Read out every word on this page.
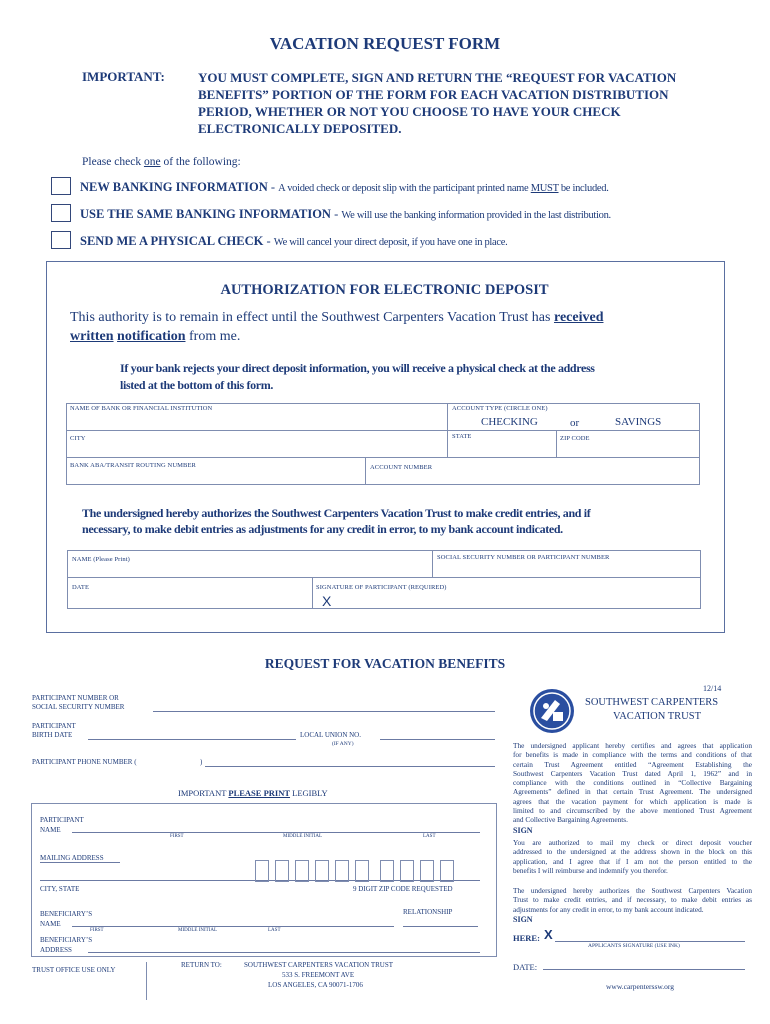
VACATION REQUEST FORM
IMPORTANT:	YOU MUST COMPLETE, SIGN AND RETURN THE “REQUEST FOR VACATION
BENEFITS” PORTION OF THE FORM FOR EACH VACATION DISTRIBUTION
PERIOD, WHETHER OR NOT YOU CHOOSE TO HAVE YOUR CHECK
ELECTRONICALLY DEPOSITED.
Please check one of the following:
NEW BANKING INFORMATION - A voided check or deposit slip with the participant printed name MUST be included.
USE THE SAME BANKING INFORMATION - We will use the banking information provided in the last distribution.
SEND ME A PHYSICAL CHECK - We will cancel your direct deposit, if you have one in place.
AUTHORIZATION FOR ELECTRONIC DEPOSIT
This authority is to remain in effect until the Southwest Carpenters Vacation Trust has received
written notification from me.
If your bank rejects your direct deposit information, you will receive a physical check at the address
listed at the bottom of this form.
NAME OF BANK OR FINANCIAL INSTITUTION	ACCOUNT TYPE (CIRCLE ONE)
CHECKING	or	SAVINGS
CITY	STATE	ZIP CODE
BANK ABA/TRANSIT ROUTING NUMBER	ACCOUNT NUMBER
The undersigned hereby authorizes the Southwest Carpenters Vacation Trust to make credit entries, and if
necessary, to make debit entries as adjustments for any credit in error, to my bank account indicated.
NAME (Please Print)	SOCIAL SECURITY NUMBER OR PARTICIPANT NUMBER
DATE	SIGNATURE OF PARTICIPANT (REQUIRED)
X
REQUEST FOR VACATION BENEFITS
12/14
PARTICIPANT NUMBER OR
SOCIAL SECURITY NUMBER
PARTICIPANT
BIRTH DATE	LOCAL UNION NO.
(IF ANY)
PARTICIPANT PHONE NUMBER (	)
IMPORTANT PLEASE PRINT LEGIBLY
PARTICIPANT
NAME
FIRST	MIDDLE INITIAL	LAST
MAILING ADDRESS
CITY, STATE	9 DIGIT ZIP CODE REQUESTED
BENEFICIARY’S
NAME
RELATIONSHIP
FIRST	MIDDLE INITIAL	LAST
BENEFICIARY’S
ADDRESS
TRUST OFFICE USE ONLY
RETURN TO:	SOUTHWEST CARPENTERS VACATION TRUST
533 S. FREEMONT AVE
LOS ANGELES, CA 90071-1706
SOUTHWEST CARPENTERS
VACATION TRUST
The undersigned applicant hereby certifies and agrees that application
for benefits is made in compliance with the terms and conditions of that
certain Trust Agreement entitled “Agreement Establishing the
Southwest Carpenters Vacation Trust dated April 1, 1962” and in
compliance with the conditions outlined in “Collective Bargaining
Agreements” defined in that certain Trust Agreement. The undersigned
agrees that the vacation payment for which application is made is
limited to and circumscribed by the above mentioned Trust Agreement
and Collective Bargaining Agreements.
SIGN
You are authorized to mail my check or direct deposit voucher
addressed to the undersigned at the address shown in the block on this
application, and I agree that if I am not the person entitled to the
benefits I will reimburse and indemnify you therefor.
The undersigned hereby authorizes the Southwest Carpenters Vacation
Trust to make credit entries, and if necessary, to make debit entries as
adjustments for any credit in error, to my bank account indicated.
SIGN
HERE: X
APPLICANTS SIGNATURE (USE INK)
DATE:
www.carpenterssw.org
